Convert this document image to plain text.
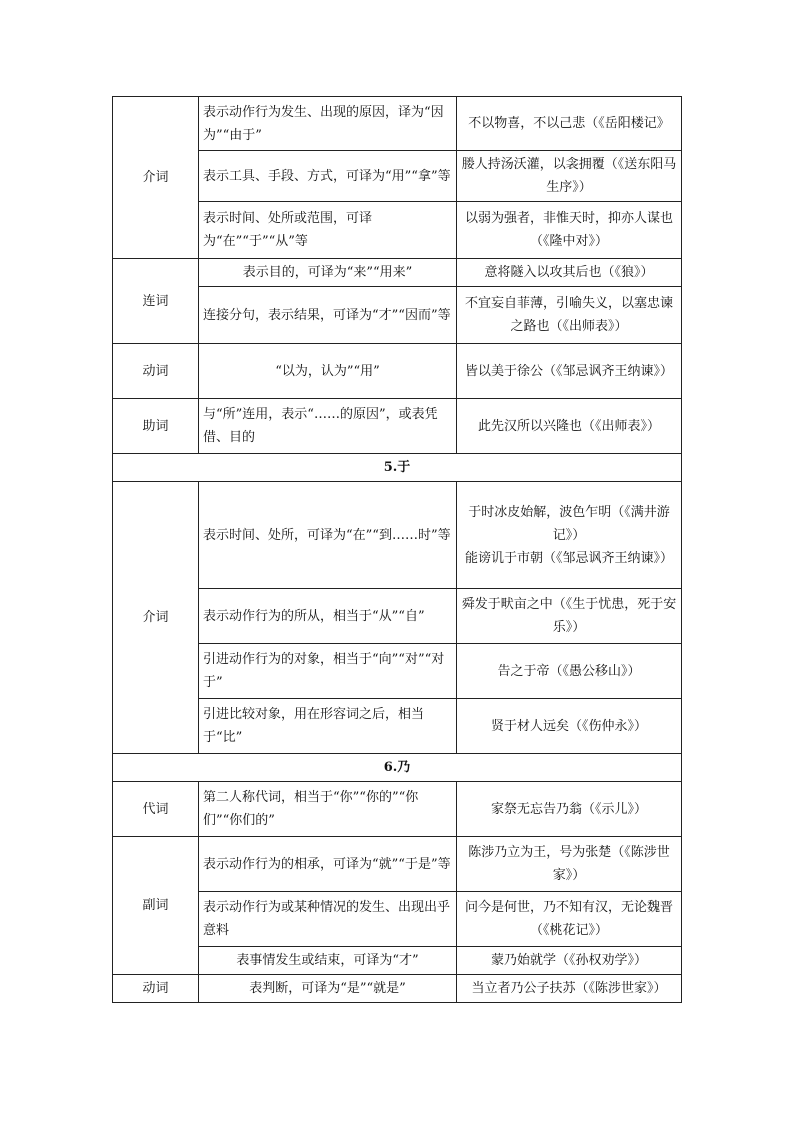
介词	表示动作行为发生、出现的原因，译为“因为”“由于”	不以物喜，不以己悲（《岳阳楼记》
	表示工具、手段、方式，可译为“用”“拿”等	媵人持汤沃灌，以衾拥覆（《送东阳马生序》）
	表示时间、处所或范围，可译为“在”“于”“从”等	以弱为强者，非惟天时，抑亦人谋也（《隆中对》）
连词	表示目的，可译为“来”“用来”	意将隧入以攻其后也（《狼》）
	连接分句，表示结果，可译为“才”“因而”等	不宜妄自菲薄，引喻失义，以塞忠谏之路也（《出师表》）
动词	“以为，认为”“用”	皆以美于徐公（《邹忌讽齐王纳谏》）
助词	与“所”连用，表示“……的原因”，或表凭借、目的	此先汉所以兴隆也（《出师表》）
5.于		
介词	表示时间、处所，可译为“在”“到……时”等	于时冰皮始解，波色乍明（《满井游记》）
能谤讥于市朝（《邹忌讽齐王纳谏》）

	表示动作行为的所从，相当于“从”“自”	舜发于畎亩之中（《生于忧患，死于安乐》）
	引进动作行为的对象，相当于“向”“对”“对于”	告之于帝（《愚公移山》）
	引进比较对象，用在形容词之后，相当于“比”	贤于材人远矣（《伤仲永》）
6.乃		
代词	第二人称代词，相当于“你”“你的”“你们”“你们的”	家祭无忘告乃翁（《示儿》）
副词	表示动作行为的相承，可译为“就”“于是”等	陈涉乃立为王，号为张楚（《陈涉世家》）
	表示动作行为或某种情况的发生、出现出乎意料	问今是何世，乃不知有汉，无论魏晋（《桃花记》）
	表事情发生或结束，可译为“才”	蒙乃始就学（《孙权劝学》）
动词	表判断，可译为“是”“就是”	当立者乃公子扶苏（《陈涉世家》）
